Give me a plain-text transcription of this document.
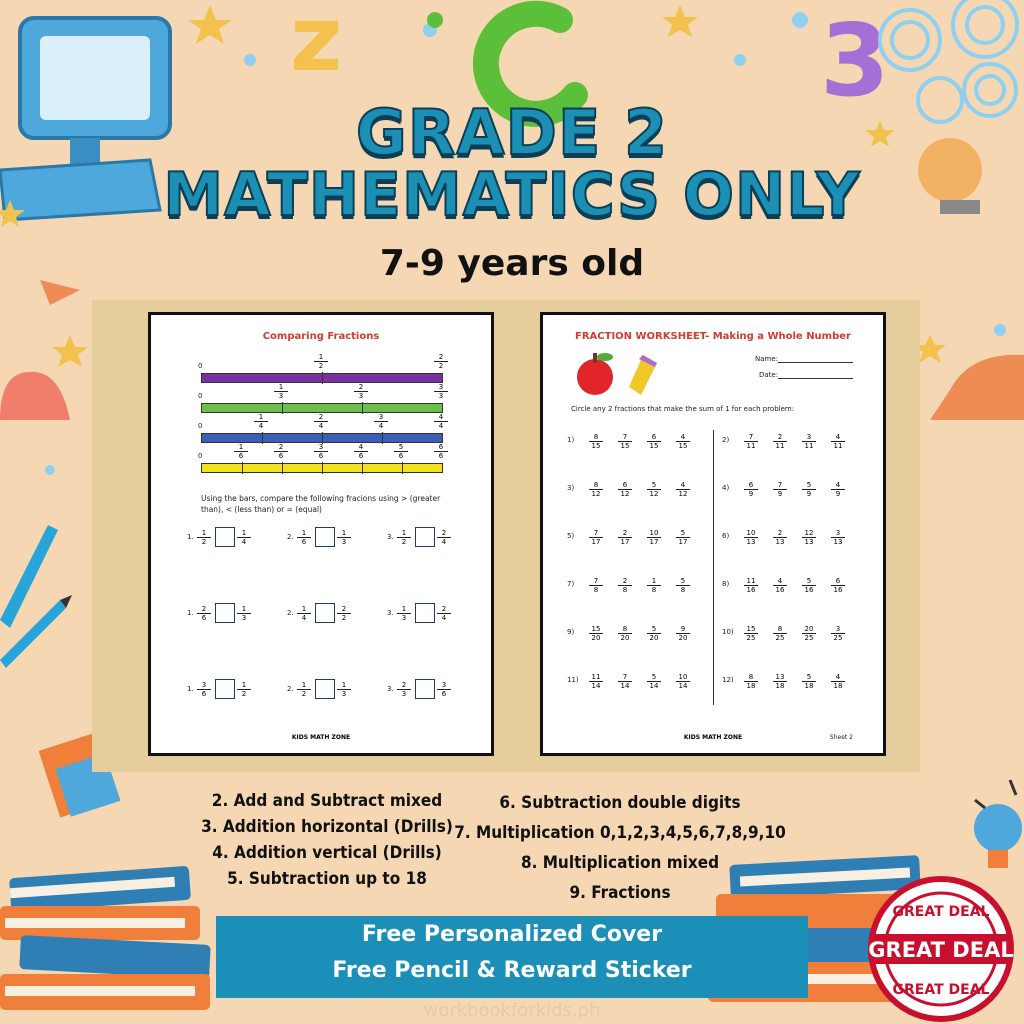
z	3
GRADE 2
MATHEMATICS ONLY
7-9 years old
Comparing Fractions
0	$\frac{1}{2}$	$\frac{2}{2}$
0	$\frac{1}{3}$	$\frac{2}{3}$	$\frac{3}{3}$
0	$\frac{1}{4}$	$\frac{2}{4}$	$\frac{3}{4}$	$\frac{4}{4}$
0	$\frac{1}{6}$	$\frac{2}{6}$	$\frac{3}{6}$	$\frac{4}{6}$	$\frac{5}{6}$	$\frac{6}{6}$
Using the bars, compare the following fracions using > (greater than), < (less than) or = (equal)
1. $\frac{1}{2}$	$\frac{1}{4}$	2. $\frac{1}{6}$	$\frac{1}{3}$	3. $\frac{1}{2}$	$\frac{2}{4}$
1. $\frac{2}{6}$	$\frac{1}{3}$	2. $\frac{1}{4}$	$\frac{2}{2}$	3. $\frac{1}{3}$	$\frac{2}{4}$
1. $\frac{3}{6}$	$\frac{1}{2}$	2. $\frac{1}{2}$	$\frac{1}{3}$	3. $\frac{2}{3}$	$\frac{3}{6}$
KIDS MATH ZONE
FRACTION WORKSHEET- Making a Whole Number
Name:
Date:
Circle any 2 fractions that make the sum of 1 for each problem:
$1) \frac{8}{15} \frac{7}{15} \frac{6}{15} \frac{4}{15}$	$2) \frac{7}{11} \frac{2}{11} \frac{3}{11} \frac{4}{11}$
$3) \frac{8}{12} \frac{6}{12} \frac{5}{12} \frac{4}{12}$	$4) \frac{6}{9} \frac{7}{9} \frac{5}{9} \frac{4}{9}$
$5) \frac{7}{17} \frac{2}{17} \frac{10}{17} \frac{5}{17}$	$6) \frac{10}{13} \frac{2}{13} \frac{12}{13} \frac{3}{13}$
$7) \frac{7}{8} \frac{2}{8} \frac{1}{8} \frac{5}{8}$	$8) \frac{11}{16} \frac{4}{16} \frac{5}{16} \frac{6}{16}$
$9) \frac{15}{20} \frac{8}{20} \frac{5}{20} \frac{9}{20}$	$10) \frac{15}{25} \frac{8}{25} \frac{20}{25} \frac{3}{25}$
$11) \frac{11}{14} \frac{7}{14} \frac{5}{14} \frac{10}{14}$	$12) \frac{8}{18} \frac{13}{18} \frac{5}{18} \frac{4}{18}$
KIDS MATH ZONE	Sheet 2
2. Add and Subtract mixed
3. Addition horizontal (Drills)
4. Addition vertical (Drills)
5. Subtraction up to 18
6. Subtraction double digits
7. Multiplication 0,1,2,3,4,5,6,7,8,9,10
8. Multiplication mixed
9. Fractions
Free Personalized Cover
Free Pencil & Reward Sticker
workbookforkids.ph
GREAT DEAL
GREAT DEAL
GREAT DEAL
